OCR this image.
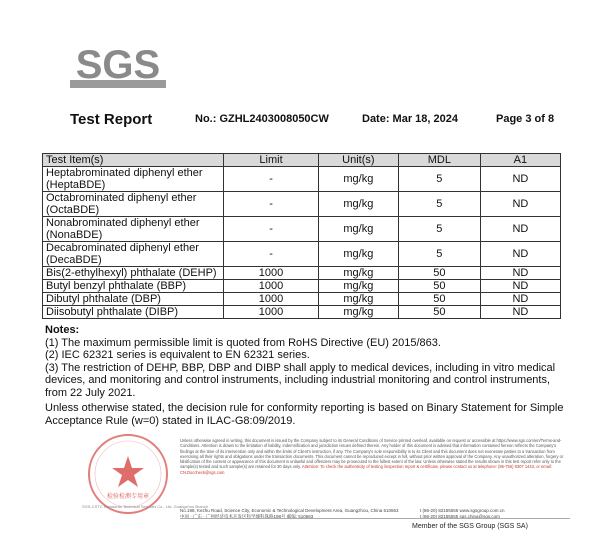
SGS
Test Report	No.: GZHL2403008050CW	Date: Mar 18, 2024	Page 3 of 8
Test Item(s)	Limit	Unit(s)	MDL	A1
Heptabrominated diphenyl ether (HeptaBDE)	-	mg/kg	5	ND
Octabrominated diphenyl ether (OctaBDE)	-	mg/kg	5	ND
Nonabrominated diphenyl ether (NonaBDE)	-	mg/kg	5	ND
Decabrominated diphenyl ether (DecaBDE)	-	mg/kg	5	ND
Bis(2-ethylhexyl) phthalate (DEHP)	1000	mg/kg	50	ND
Butyl benzyl phthalate (BBP)	1000	mg/kg	50	ND
Dibutyl phthalate (DBP)	1000	mg/kg	50	ND
Diisobutyl phthalate (DIBP)	1000	mg/kg	50	ND

Notes:

(1) The maximum permissible limit is quoted from RoHS Directive (EU) 2015/863.

(2) IEC 62321 series is equivalent to EN 62321 series.

(3) The restriction of DEHP, BBP, DBP and DIBP shall apply to medical devices, including in vitro medical devices, and monitoring and control instruments, including industrial monitoring and control instruments, from 22 July 2021.

Unless otherwise stated, the decision rule for conformity reporting is based on Binary Statement for Simple Acceptance Rule (w=0) stated in ILAC-G8:09/2019.

检验检测专用章
SGS-CSTC Standards Technical Services Co., Ltd. Guangzhou Branch
Unless otherwise agreed in writing, this document is issued by the Company subject to its General Conditions of Service printed overleaf, available on request or accessible at https://www.sgs.com/en/Terms-and-Conditions. Attention is drawn to the limitation of liability, indemnification and jurisdiction issues defined therein. Any holder of this document is advised that information contained hereon reflects the Company's findings at the time of its intervention only and within the limits of Client's instruction, if any. The Company's sole responsibility is to its Client and this document does not exonerate parties to a transaction from exercising all their rights and obligations under the transaction documents. This document cannot be reproduced except in full, without prior written approval of the Company. Any unauthorized alteration, forgery or falsification of the content or appearance of this document is unlawful and offenders may be prosecuted to the fullest extent of the law. Unless otherwise stated the results shown in this test report refer only to the sample(s) tested and such sample(s) are retained for 30 days only. Attention: To check the authenticity of testing /inspection report & certificate, please contact us at telephone: (86-755) 8307 1443, or email: CN.Doccheck@sgs.com
No.198, Kezhu Road, Science City, Economic & Technological Development Area, Guangzhou, China 510663	t (86-20) 82155555 www.sgsgroup.com.cn
中国 · 广东 · 广州经济技术开发区科学城科珠路198号 邮编: 510663	t (86-20) 82155555 sgs.china@sgs.com
Member of the SGS Group (SGS SA)
